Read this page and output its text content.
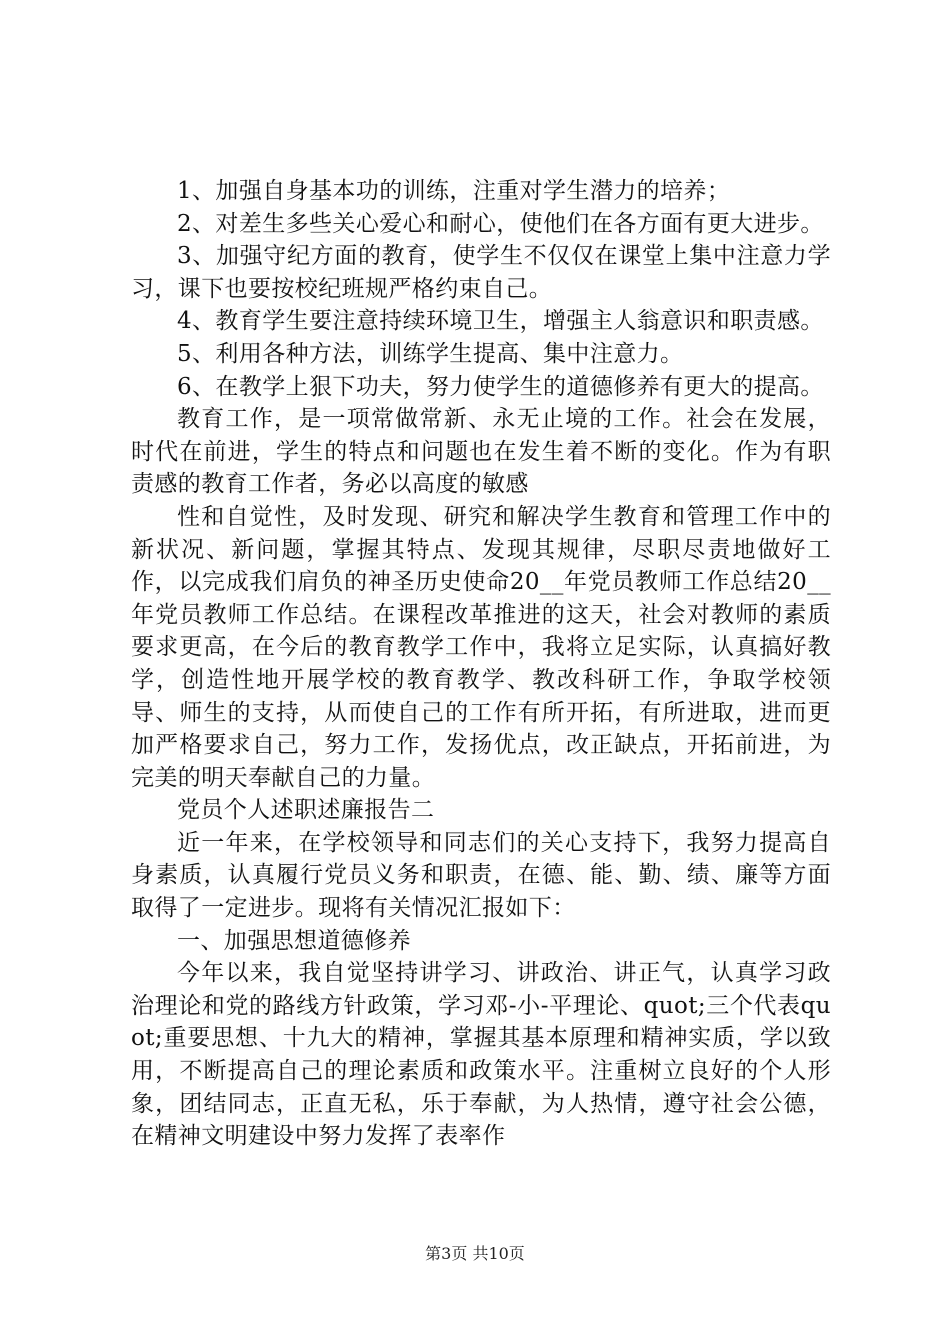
1、加强自身基本功的训练，注重对学生潜力的培养；

2、对差生多些关心爱心和耐心，使他们在各方面有更大进步。

3、加强守纪方面的教育，使学生不仅仅在课堂上集中注意力学习，课下也要按校纪班规严格约束自己。

4、教育学生要注意持续环境卫生，增强主人翁意识和职责感。

5、利用各种方法，训练学生提高、集中注意力。

6、在教学上狠下功夫，努力使学生的道德修养有更大的提高。

教育工作，是一项常做常新、永无止境的工作。社会在发展，时代在前进，学生的特点和问题也在发生着不断的变化。作为有职责感的教育工作者，务必以高度的敏感

性和自觉性，及时发现、研究和解决学生教育和管理工作中的新状况、新问题，掌握其特点、发现其规律，尽职尽责地做好工作，以完成我们肩负的神圣历史使命20__年党员教师工作总结20__年党员教师工作总结。在课程改革推进的这天，社会对教师的素质要求更高，在今后的教育教学工作中，我将立足实际，认真搞好教学，创造性地开展学校的教育教学、教改科研工作，争取学校领导、师生的支持，从而使自己的工作有所开拓，有所进取，进而更加严格要求自己，努力工作，发扬优点，改正缺点，开拓前进，为完美的明天奉献自己的力量。

党员个人述职述廉报告二

近一年来，在学校领导和同志们的关心支持下，我努力提高自身素质，认真履行党员义务和职责，在德、能、勤、绩、廉等方面取得了一定进步。现将有关情况汇报如下：

一、加强思想道德修养

今年以来，我自觉坚持讲学习、讲政治、讲正气，认真学习政治理论和党的路线方针政策，学习邓-小-平理论、quot;三个代表quot;重要思想、十九大的精神，掌握其基本原理和精神实质，学以致用，不断提高自己的理论素质和政策水平。注重树立良好的个人形象，团结同志，正直无私，乐于奉献，为人热情，遵守社会公德，在精神文明建设中努力发挥了表率作

第3页 共10页
